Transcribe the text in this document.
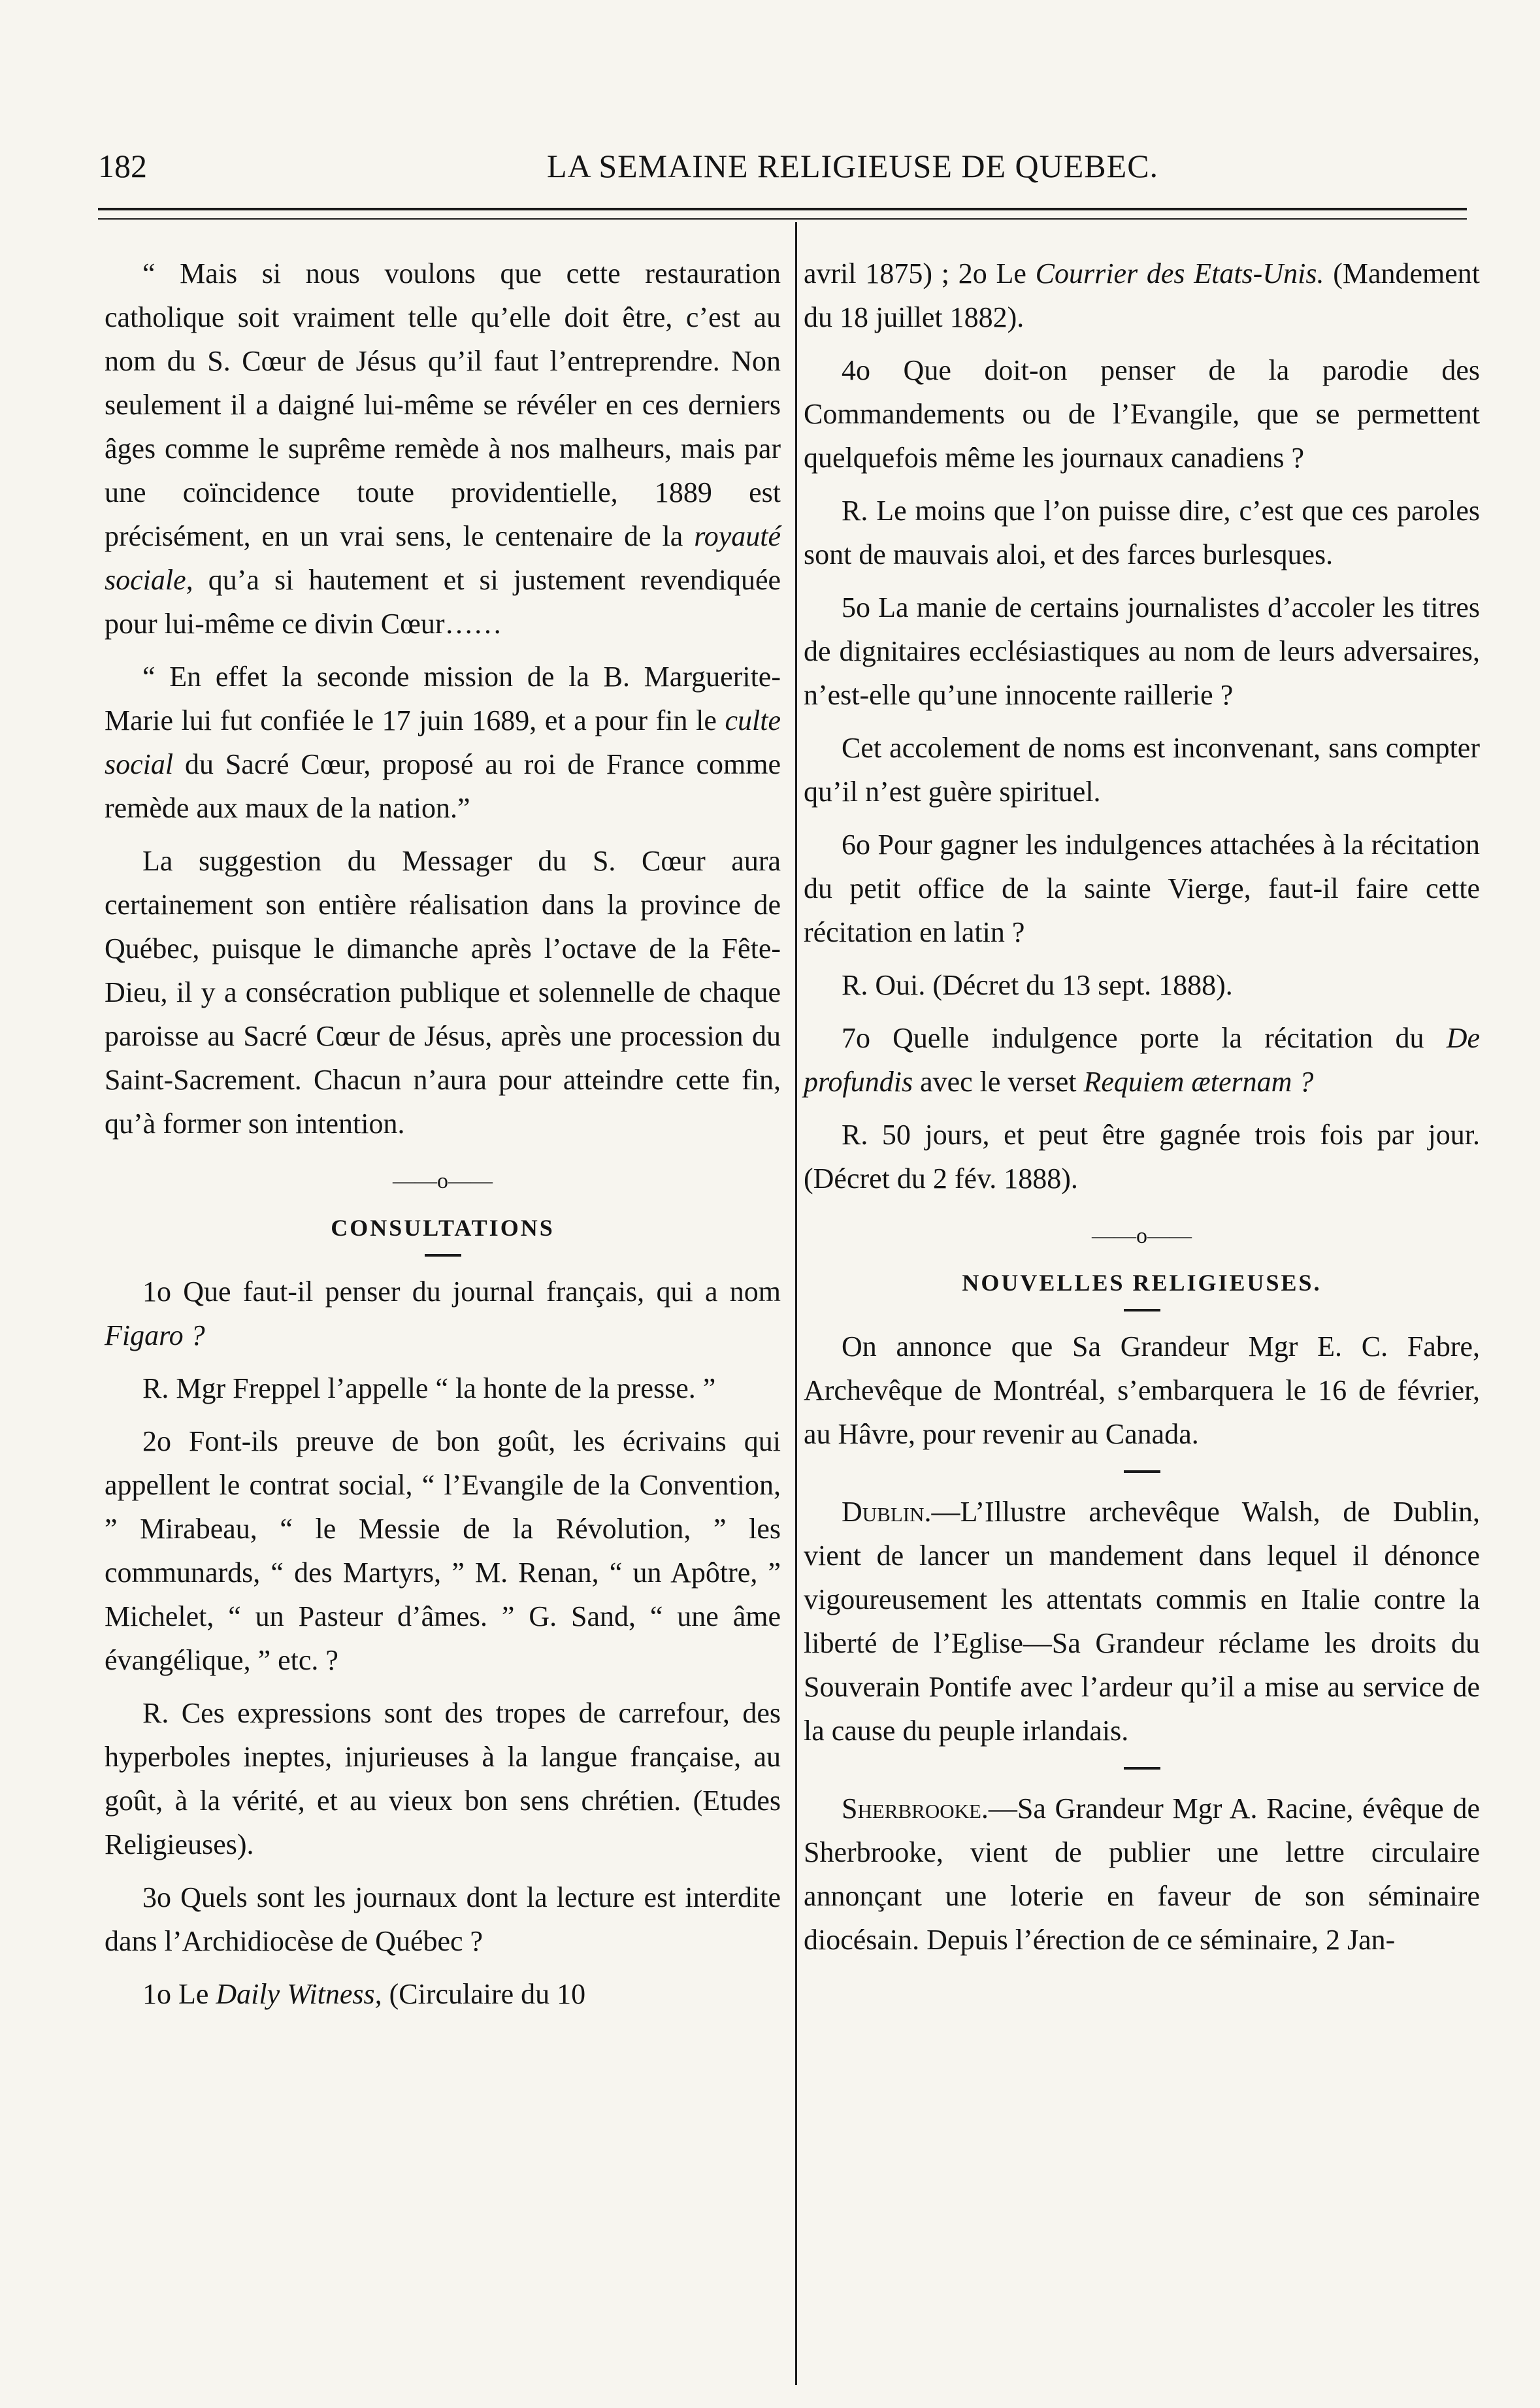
182	LA SEMAINE RELIGIEUSE DE QUEBEC.

“ Mais si nous voulons que cette restauration catholique soit vraiment telle qu’elle doit être, c’est au nom du S. Cœur de Jésus qu’il faut l’entreprendre. Non seulement il a daigné lui-même se révéler en ces derniers âges comme le suprême remède à nos malheurs, mais par une coïncidence toute providentielle, 1889 est précisément, en un vrai sens, le centenaire de la royauté sociale, qu’a si hautement et si justement revendiquée pour lui-même ce divin Cœur……

“ En effet la seconde mission de la B. Marguerite-Marie lui fut confiée le 17 juin 1689, et a pour fin le culte social du Sacré Cœur, proposé au roi de France comme remède aux maux de la nation.”

La suggestion du Messager du S. Cœur aura certainement son entière réalisation dans la province de Québec, puisque le dimanche après l’octave de la Fête-Dieu, il y a consécration publique et solennelle de chaque paroisse au Sacré Cœur de Jésus, après une procession du Saint-Sacrement. Chacun n’aura pour atteindre cette fin, qu’à former son intention.

——o——
CONSULTATIONS

1o Que faut-il penser du journal français, qui a nom Figaro ?

R. Mgr Freppel l’appelle “ la honte de la presse. ”

2o Font-ils preuve de bon goût, les écrivains qui appellent le contrat social, “ l’Evangile de la Convention, ” Mirabeau, “ le Messie de la Révolution, ” les communards, “ des Martyrs, ” M. Renan, “ un Apôtre, ” Michelet, “ un Pasteur d’âmes. ” G. Sand, “ une âme évangélique, ” etc. ?

R. Ces expressions sont des tropes de carrefour, des hyperboles ineptes, injurieuses à la langue française, au goût, à la vérité, et au vieux bon sens chrétien. (Etudes Religieuses).

3o Quels sont les journaux dont la lecture est interdite dans l’Archidiocèse de Québec ?

1o Le Daily Witness, (Circulaire du 10

avril 1875) ; 2o Le Courrier des Etats-Unis. (Mandement du 18 juillet 1882).

4o Que doit-on penser de la parodie des Commandements ou de l’Evangile, que se permettent quelquefois même les journaux canadiens ?

R. Le moins que l’on puisse dire, c’est que ces paroles sont de mauvais aloi, et des farces burlesques.

5o La manie de certains journalistes d’accoler les titres de dignitaires ecclésiastiques au nom de leurs adversaires, n’est-elle qu’une innocente raillerie ?

Cet accolement de noms est inconvenant, sans compter qu’il n’est guère spirituel.

6o Pour gagner les indulgences attachées à la récitation du petit office de la sainte Vierge, faut-il faire cette récitation en latin ?

R. Oui. (Décret du 13 sept. 1888).

7o Quelle indulgence porte la récitation du De profundis avec le verset Requiem æternam ?

R. 50 jours, et peut être gagnée trois fois par jour. (Décret du 2 fév. 1888).

——o——
NOUVELLES RELIGIEUSES.

On annonce que Sa Grandeur Mgr E. C. Fabre, Archevêque de Montréal, s’embarquera le 16 de février, au Hâvre, pour revenir au Canada.

Dublin.—L’Illustre archevêque Walsh, de Dublin, vient de lancer un mandement dans lequel il dénonce vigoureusement les attentats commis en Italie contre la liberté de l’Eglise—Sa Grandeur réclame les droits du Souverain Pontife avec l’ardeur qu’il a mise au service de la cause du peuple irlandais.

Sherbrooke.—Sa Grandeur Mgr A. Racine, évêque de Sherbrooke, vient de publier une lettre circulaire annonçant une loterie en faveur de son séminaire diocésain. Depuis l’érection de ce séminaire, 2 Jan-
